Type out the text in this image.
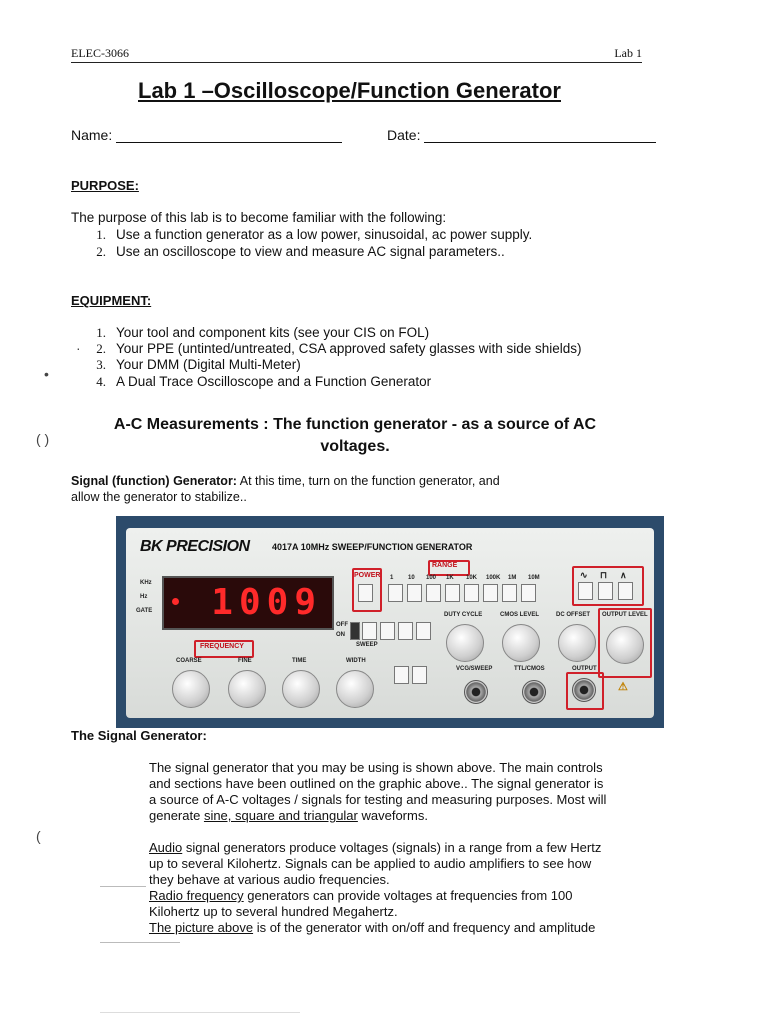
ELEC-3066	Lab 1
Lab 1 –Oscilloscope/Function Generator
Name:	Date:
PURPOSE:
The purpose of this lab is to become familiar with the following:
1. Use a function generator as a low power, sinusoidal, ac power supply.
2. Use an oscilloscope to view and measure AC signal parameters..
EQUIPMENT:
1. Your tool and component kits (see your CIS on FOL)
2. Your PPE (untinted/untreated, CSA approved safety glasses with side shields)
3. Your DMM (Digital Multi-Meter)
4. A Dual Trace Oscilloscope and a Function Generator
·
•
( )
(
A-C Measurements : The function generator - as a source of AC
voltages.
Signal (function) Generator: At this time, turn on the function generator, and
allow the generator to stabilize..
BK PRECISION 4017A 10MHz SWEEP/FUNCTION GENERATOR
KHz
Hz
GATE 1009
POWER
RANGE
1 10 100 1K 10K 100K 1M 10M	∿ ⊓ ∧
OFF
ON
DUTY CYCLE	CMOS LEVEL	DC OFFSET OUTPUT LEVEL
FREQUENCY	SWEEP
COARSE	FINE	TIME	WIDTH
VCG/SWEEP	TTL/CMOS	OUTPUT
⚠
The Signal Generator:
The signal generator that you may be using is shown above. The main controls
and sections have been outlined on the graphic above.. The signal generator is
a source of A-C voltages / signals for testing and measuring purposes. Most will
generate sine, square and triangular waveforms.
Audio signal generators produce voltages (signals) in a range from a few Hertz
up to several Kilohertz. Signals can be applied to audio amplifiers to see how
they behave at various audio frequencies.
Radio frequency generators can provide voltages at frequencies from 100
Kilohertz up to several hundred Megahertz.
The picture above is of the generator with on/off and frequency and amplitude
